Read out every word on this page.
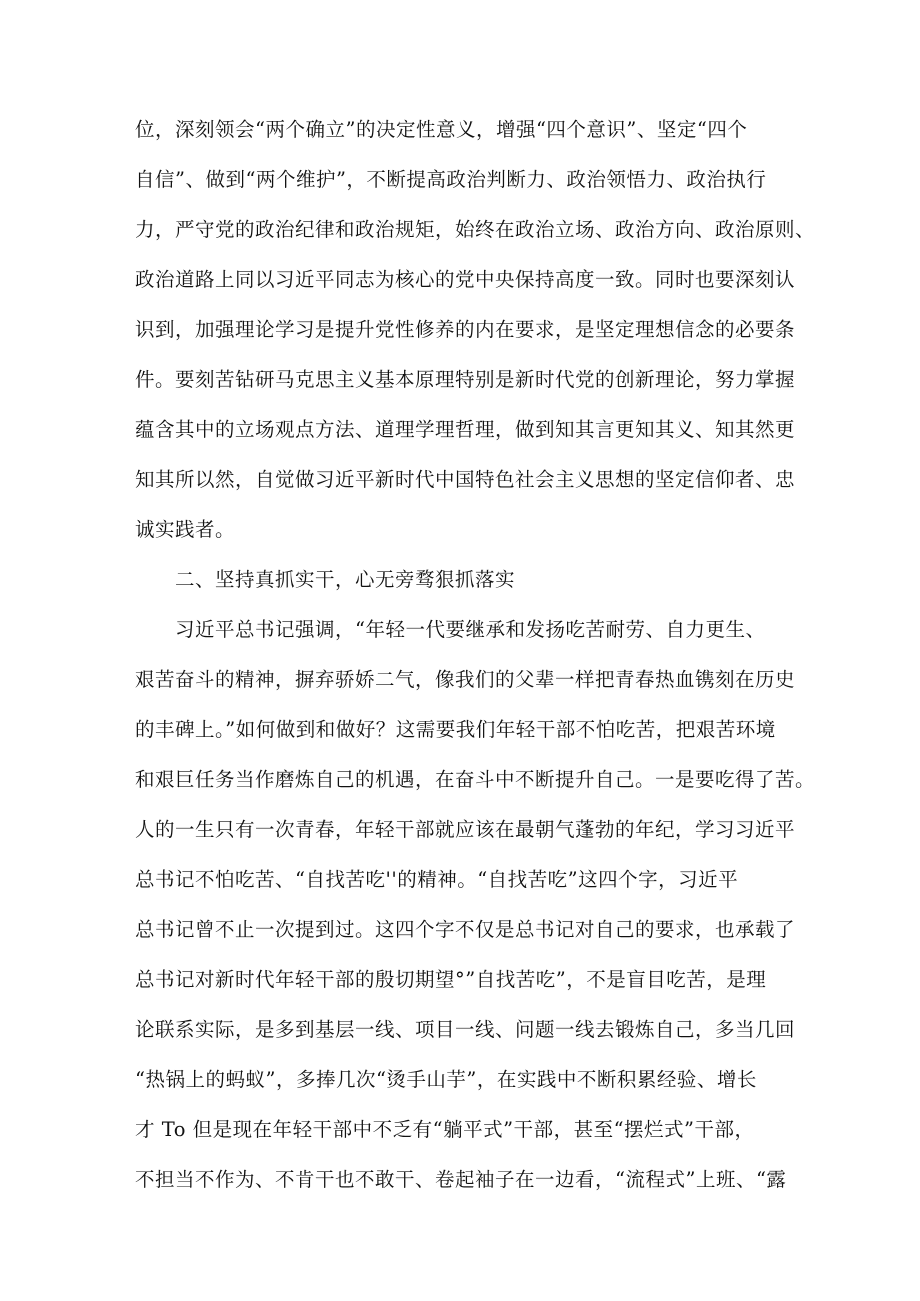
位，深刻领会“两个确立”的决定性意义，增强“四个意识”、坚定“四个
自信”、做到“两个维护”，不断提高政治判断力、政治领悟力、政治执行
力，严守党的政治纪律和政治规矩，始终在政治立场、政治方向、政治原则、
政治道路上同以习近平同志为核心的党中央保持高度一致。同时也要深刻认
识到，加强理论学习是提升党性修养的内在要求，是坚定理想信念的必要条
件。要刻苦钻研马克思主义基本原理特别是新时代党的创新理论，努力掌握
蕴含其中的立场观点方法、道理学理哲理，做到知其言更知其义、知其然更
知其所以然，自觉做习近平新时代中国特色社会主义思想的坚定信仰者、忠
诚实践者。
二、坚持真抓实干，心无旁骛狠抓落实
习近平总书记强调，“年轻一代要继承和发扬吃苦耐劳、自力更生、
艰苦奋斗的精神，摒弃骄娇二气，像我们的父辈一样把青春热血镌刻在历史
的丰碑上。”如何做到和做好？这需要我们年轻干部不怕吃苦，把艰苦环境
和艰巨任务当作磨炼自己的机遇，在奋斗中不断提升自己。一是要吃得了苦。
人的一生只有一次青春，年轻干部就应该在最朝气蓬勃的年纪，学习习近平
总书记不怕吃苦、“自找苦吃''的精神。“自找苦吃”这四个字，习近平
总书记曾不止一次提到过。这四个字不仅是总书记对自己的要求，也承载了
总书记对新时代年轻干部的殷切期望°”自找苦吃”，不是盲目吃苦，是理
论联系实际，是多到基层一线、项目一线、问题一线去锻炼自己，多当几回
“热锅上的蚂蚁”，多捧几次“烫手山芋”，在实践中不断积累经验、增长
才 To 但是现在年轻干部中不乏有“躺平式”干部，甚至“摆烂式”干部，
不担当不作为、不肯干也不敢干、卷起袖子在一边看，“流程式”上班、“露
